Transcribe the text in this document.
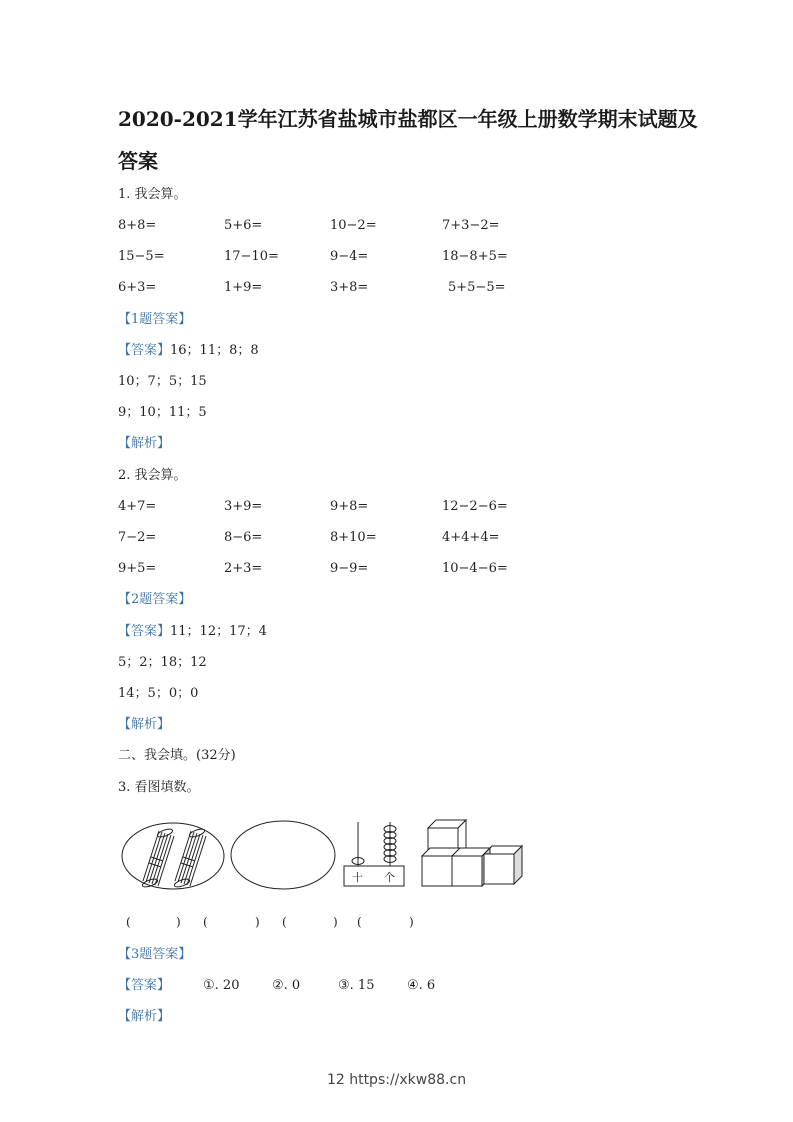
2020-2021学年江苏省盐城市盐都区一年级上册数学期末试题及答案
1. 我会算。
8+8=	5+6=	10−2=	7+3−2=
15−5=	17−10=	9−4=	18−8+5=
6+3=	1+9=	3+8=	5+5−5=
【1题答案】
【答案】16；11；8；8
10；7；5；15
9；10；11；5
【解析】
2. 我会算。
4+7=	3+9=	9+8=	12−2−6=
7−2=	8−6=	8+10=	4+4+4=
9+5=	2+3=	9−9=	10−4−6=
【2题答案】
【答案】11；12；17；4
5；2；18；12
14；5；0；0
【解析】
二、我会填。(32分)
3. 看图填数。
十 个
(	) (	) (	) (	)
【3题答案】
【答案】	①. 20	②. 0	③. 15	④. 6
【解析】
12 https://xkw88.cn
